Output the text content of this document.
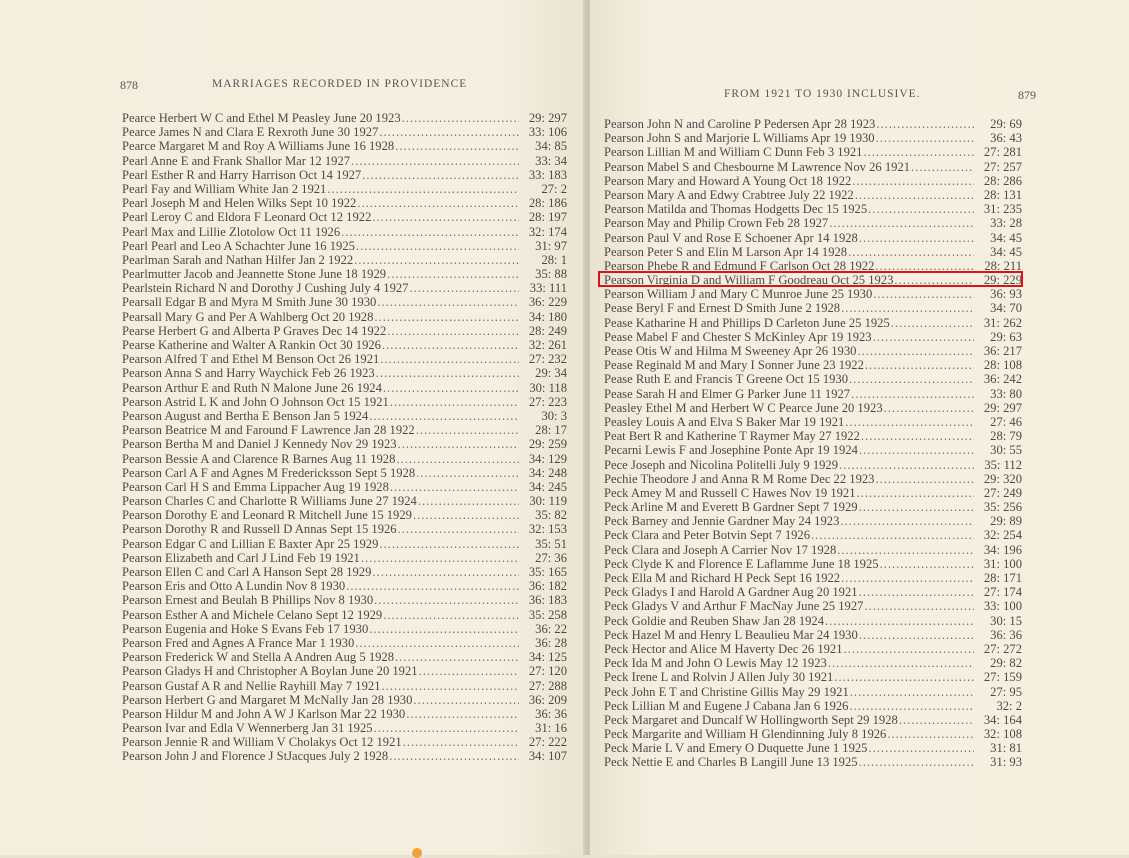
878	MARRIAGES RECORDED IN PROVIDENCE
Pearce Herbert W C and Ethel M Peasley June 20 1923 .....	29: 297
Pearce James N and Clara E Rexroth June 30 1927 .....	33: 106
Pearce Margaret M and Roy A Williams June 16 1928 .....	34: 85
Pearl Anne E and Frank Shallor Mar 12 1927 .....	33: 34
Pearl Esther R and Harry Harrison Oct 14 1927 .....	33: 183
Pearl Fay and William White Jan 2 1921 .....	27: 2
Pearl Joseph M and Helen Wilks Sept 10 1922 .....	28: 186
Pearl Leroy C and Eldora F Leonard Oct 12 1922 .....	28: 197
Pearl Max and Lillie Zlotolow Oct 11 1926 .....	32: 174
Pearl Pearl and Leo A Schachter June 16 1925 .....	31: 97
Pearlman Sarah and Nathan Hilfer Jan 2 1922 .....	28: 1
Pearlmutter Jacob and Jeannette Stone June 18 1929 .....	35: 88
Pearlstein Richard N and Dorothy J Cushing July 4 1927 .....	33: 111
Pearsall Edgar B and Myra M Smith June 30 1930 .....	36: 229
Pearsall Mary G and Per A Wahlberg Oct 20 1928 .....	34: 180
Pearse Herbert G and Alberta P Graves Dec 14 1922 .....	28: 249
Pearse Katherine and Walter A Rankin Oct 30 1926 .....	32: 261
Pearson Alfred T and Ethel M Benson Oct 26 1921 .....	27: 232
Pearson Anna S and Harry Waychick Feb 26 1923 .....	29: 34
Pearson Arthur E and Ruth N Malone June 26 1924 .....	30: 118
Pearson Astrid L K and John O Johnson Oct 15 1921 .....	27: 223
Pearson August and Bertha E Benson Jan 5 1924 .....	30: 3
Pearson Beatrice M and Faround F Lawrence Jan 28 1922 .....	28: 17
Pearson Bertha M and Daniel J Kennedy Nov 29 1923 .....	29: 259
Pearson Bessie A and Clarence R Barnes Aug 11 1928 .....	34: 129
Pearson Carl A F and Agnes M Fredericksson Sept 5 1928 .....	34: 248
Pearson Carl H S and Emma Lippacher Aug 19 1928 .....	34: 245
Pearson Charles C and Charlotte R Williams June 27 1924 .....	30: 119
Pearson Dorothy E and Leonard R Mitchell June 15 1929 .....	35: 82
Pearson Dorothy R and Russell D Annas Sept 15 1926 .....	32: 153
Pearson Edgar C and Lillian E Baxter Apr 25 1929 .....	35: 51
Pearson Elizabeth and Carl J Lind Feb 19 1921 .....	27: 36
Pearson Ellen C and Carl A Hanson Sept 28 1929 .....	35: 165
Pearson Eris and Otto A Lundin Nov 8 1930 .....	36: 182
Pearson Ernest and Beulah B Phillips Nov 8 1930 .....	36: 183
Pearson Esther A and Michele Celano Sept 12 1929 .....	35: 258
Pearson Eugenia and Hoke S Evans Feb 17 1930 .....	36: 22
Pearson Fred and Agnes A France Mar 1 1930 .....	36: 28
Pearson Frederick W and Stella A Andren Aug 5 1928 .....	34: 125
Pearson Gladys H and Christopher A Boylan June 20 1921 .....	27: 120
Pearson Gustaf A R and Nellie Rayhill May 7 1921 .....	27: 288
Pearson Herbert G and Margaret M McNally Jan 28 1930 .....	36: 209
Pearson Hildur M and John A W J Karlson Mar 22 1930 .....	36: 36
Pearson Ivar and Edla V Wennerberg Jan 31 1925 .....	31: 16
Pearson Jennie R and William V Cholakys Oct 12 1921 .....	27: 222
Pearson John J and Florence J StJacques July 2 1928 .....	34: 107
FROM 1921 TO 1930 INCLUSIVE.	879
Pearson John N and Caroline P Pedersen Apr 28 1923 .....	29: 69
Pearson John S and Marjorie L Williams Apr 19 1930 .....	36: 43
Pearson Lillian M and William C Dunn Feb 3 1921 .....	27: 281
Pearson Mabel S and Chesbourne M Lawrence Nov 26 1921 .....	27: 257
Pearson Mary and Howard A Young Oct 18 1922 .....	28: 286
Pearson Mary A and Edwy Crabtree July 22 1922 .....	28: 131
Pearson Matilda and Thomas Hodgetts Dec 15 1925 .....	31: 235
Pearson May and Philip Crown Feb 28 1927 .....	33: 28
Pearson Paul V and Rose E Schoener Apr 14 1928 .....	34: 45
Pearson Peter S and Elin M Larson Apr 14 1928 .....	34: 45
Pearson Phebe R and Edmund F Carlson Oct 28 1922 .....	28: 211
Pearson Virginia D and William F Goodreau Oct 25 1923 .....	29: 229
Pearson William J and Mary C Munroe June 25 1930 .....	36: 93
Pease Beryl F and Ernest D Smith June 2 1928 .....	34: 70
Pease Katharine H and Phillips D Carleton June 25 1925 .....	31: 262
Pease Mabel F and Chester S McKinley Apr 19 1923 .....	29: 63
Pease Otis W and Hilma M Sweeney Apr 26 1930 .....	36: 217
Pease Reginald M and Mary I Sonner June 23 1922 .....	28: 108
Pease Ruth E and Francis T Greene Oct 15 1930 .....	36: 242
Pease Sarah H and Elmer G Parker June 11 1927 .....	33: 80
Peasley Ethel M and Herbert W C Pearce June 20 1923 .....	29: 297
Peasley Louis A and Elva S Baker Mar 19 1921 .....	27: 46
Peat Bert R and Katherine T Raymer May 27 1922 .....	28: 79
Pecarni Lewis F and Josephine Ponte Apr 19 1924 .....	30: 55
Pece Joseph and Nicolina Politelli July 9 1929 .....	35: 112
Pechie Theodore J and Anna R M Rome Dec 22 1923 .....	29: 320
Peck Amey M and Russell C Hawes Nov 19 1921 .....	27: 249
Peck Arline M and Everett B Gardner Sept 7 1929 .....	35: 256
Peck Barney and Jennie Gardner May 24 1923 .....	29: 89
Peck Clara and Peter Botvin Sept 7 1926 .....	32: 254
Peck Clara and Joseph A Carrier Nov 17 1928 .....	34: 196
Peck Clyde K and Florence E Laflamme June 18 1925 .....	31: 100
Peck Ella M and Richard H Peck Sept 16 1922 .....	28: 171
Peck Gladys I and Harold A Gardner Aug 20 1921 .....	27: 174
Peck Gladys V and Arthur F MacNay June 25 1927 .....	33: 100
Peck Goldie and Reuben Shaw Jan 28 1924 .....	30: 15
Peck Hazel M and Henry L Beaulieu Mar 24 1930 .....	36: 36
Peck Hector and Alice M Haverty Dec 26 1921 .....	27: 272
Peck Ida M and John O Lewis May 12 1923 .....	29: 82
Peck Irene L and Rolvin J Allen July 30 1921 .....	27: 159
Peck John E T and Christine Gillis May 29 1921 .....	27: 95
Peck Lillian M and Eugene J Cabana Jan 6 1926 .....	32: 2
Peck Margaret and Duncalf W Hollingworth Sept 29 1928 .....	34: 164
Peck Margarite and William H Glendinning July 8 1926 .....	32: 108
Peck Marie L V and Emery O Duquette June 1 1925 .....	31: 81
Peck Nettie E and Charles B Langill June 13 1925 .....	31: 93
